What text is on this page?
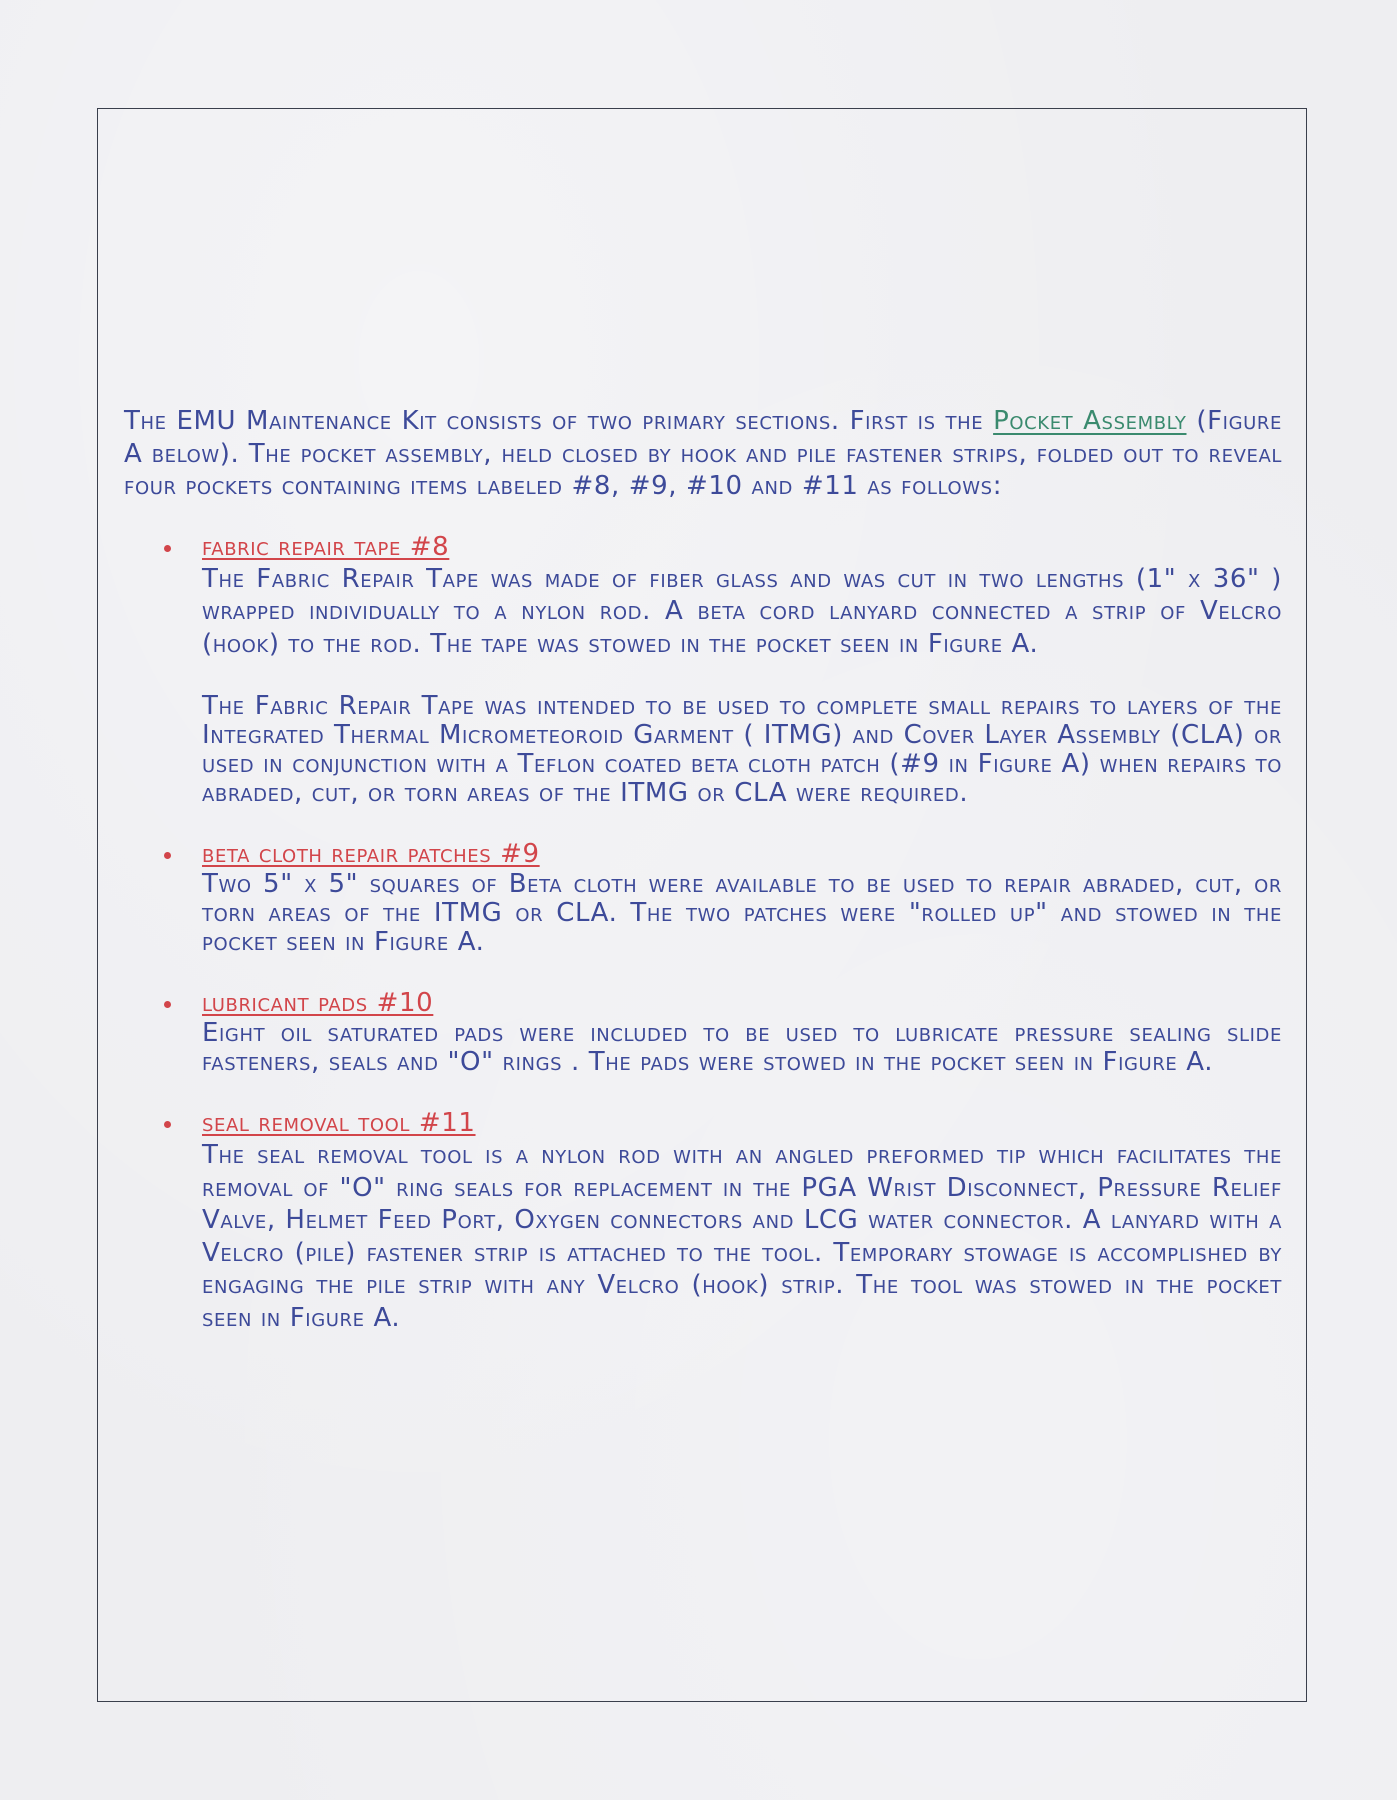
The EMU Maintenance Kit consists of two primary sections. First is the Pocket Assembly (Figure A below). The pocket assembly, held closed by hook and pile fastener strips, folded out to reveal four pockets containing items labeled #8, #9, #10 and #11 as follows:

fabric repair tape #8

The Fabric Repair Tape was made of fiber glass and was cut in two lengths (1" x 36" ) wrapped individually to a nylon rod. A beta cord lanyard connected a strip of Velcro (hook) to the rod. The tape was stowed in the pocket seen in Figure A.

The Fabric Repair Tape was intended to be used to complete small repairs to layers of the Integrated Thermal Micrometeoroid Garment ( ITMG) and Cover Layer Assembly (CLA) or used in conjunction with a Teflon coated beta cloth patch (#9 in Figure A) when repairs to abraded, cut, or torn areas of the ITMG or CLA were required.

beta cloth repair patches #9

Two 5" x 5" squares of Beta cloth were available to be used to repair abraded, cut, or torn areas of the ITMG or CLA. The two patches were "rolled up" and stowed in the pocket seen in Figure A.

lubricant pads #10

Eight oil saturated pads were included to be used to lubricate pressure sealing slide fasteners, seals and "O" rings . The pads were stowed in the pocket seen in Figure A.

seal removal tool #11

The seal removal tool is a nylon rod with an angled preformed tip which facilitates the removal of "O" ring seals for replacement in the PGA Wrist Disconnect, Pressure Relief Valve, Helmet Feed Port, Oxygen connectors and LCG water connector. A lanyard with a Velcro (pile) fastener strip is attached to the tool. Temporary stowage is accomplished by engaging the pile strip with any Velcro (hook) strip. The tool was stowed in the pocket seen in Figure A.
